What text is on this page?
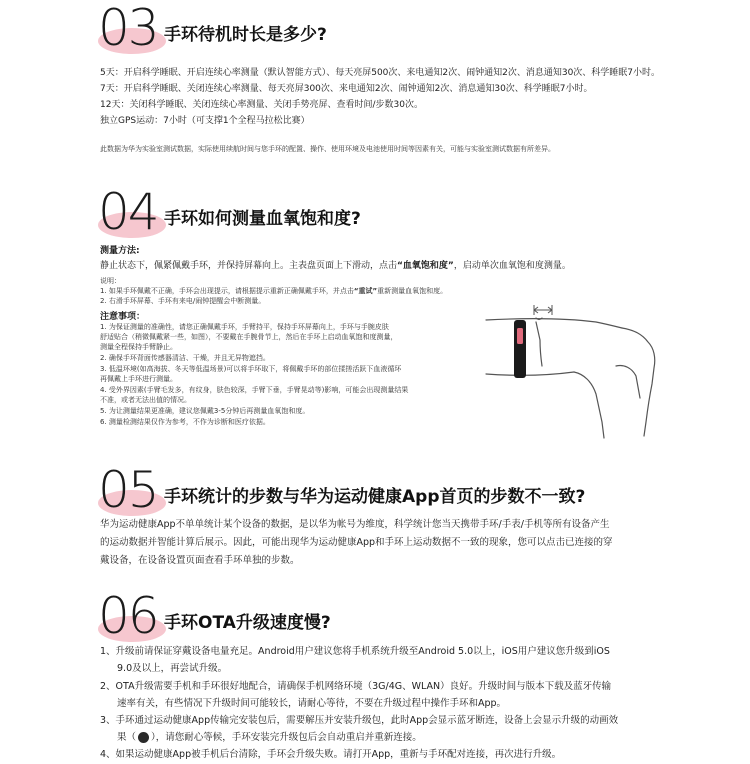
03 手环待机时长是多少?
5天：开启科学睡眠、开启连续心率测量（默认智能方式）、每天亮屏500次、来电通知2次、闹钟通知2次、消息通知30次、科学睡眠7小时。
7天：开启科学睡眠、关闭连续心率测量、每天亮屏300次、来电通知2次、闹钟通知2次、消息通知30次、科学睡眠7小时。
12天：关闭科学睡眠、关闭连续心率测量、关闭手势亮屏、查看时间/步数30次。
独立GPS运动：7小时（可支撑1个全程马拉松比赛）
此数据为华为实验室测试数据，实际使用续航时间与您手环的配置、操作、使用环境及电池使用时间等因素有关，可能与实验室测试数据有所差异。
04 手环如何测量血氧饱和度?
测量方法:
静止状态下，佩紧佩戴手环，并保持屏幕向上。主表盘页面上下滑动，点击“血氧饱和度”，启动单次血氧饱和度测量。
说明：
1. 如果手环佩戴不正确，手环会出现提示，请根据提示重新正确佩戴手环，并点击“重试”重新测量血氧饱和度。
2. 右滑手环屏幕、手环有来电/闹钟提醒会中断测量。
注意事项：
1. 为保证测量的准确性，请您正确佩戴手环，手臂持平，保持手环屏幕向上，手环与手腕皮肤
舒适贴合（稍微佩戴紧一些，如图），不要戴在手腕骨节上，然后在手环上启动血氧饱和度测量，
测量全程保持手臂静止。
2. 确保手环背面传感器清洁、干燥，并且无异物遮挡。
3. 低温环境(如高海拔、冬天等低温场景)可以将手环取下，将佩戴手环的部位揉搓活跃下血液循环
再佩戴上手环进行测量。
4. 受外界因素(手臂毛发多，有纹身，肤色较深，手臂下垂，手臂晃动等)影响，可能会出现测量结果
不准，或者无法出值的情况。
5. 为让测量结果更准确，建议您佩戴3-5分钟后再测量血氧饱和度。
6. 测量检测结果仅作为参考，不作为诊断和医疗依据。
05 手环统计的步数与华为运动健康App首页的步数不一致?
华为运动健康App不单单统计某个设备的数据，是以华为帐号为维度，科学统计您当天携带手环/手表/手机等所有设备产生
的运动数据并智能计算后展示。因此，可能出现华为运动健康App和手环上运动数据不一致的现象，您可以点击已连接的穿
戴设备，在设备设置页面查看手环单独的步数。
06 手环OTA升级速度慢?
1、升级前请保证穿戴设备电量充足。Android用户建议您将手机系统升级至Android 5.0以上，iOS用户建议您升级到iOS
9.0及以上，再尝试升级。
2、OTA升级需要手机和手环很好地配合，请确保手机网络环境（3G/4G、WLAN）良好。升级时间与版本下载及蓝牙传输
速率有关，有些情况下升级时间可能较长，请耐心等待，不要在升级过程中操作手环和App。
3、手环通过运动健康App传输完安装包后，需要解压并安装升级包，此时App会显示蓝牙断连，设备上会显示升级的动画效
果（ ），请您耐心等候，手环安装完升级包后会自动重启并重新连接。
4、如果运动健康App被手机后台清除，手环会升级失败。请打开App，重新与手环配对连接，再次进行升级。
